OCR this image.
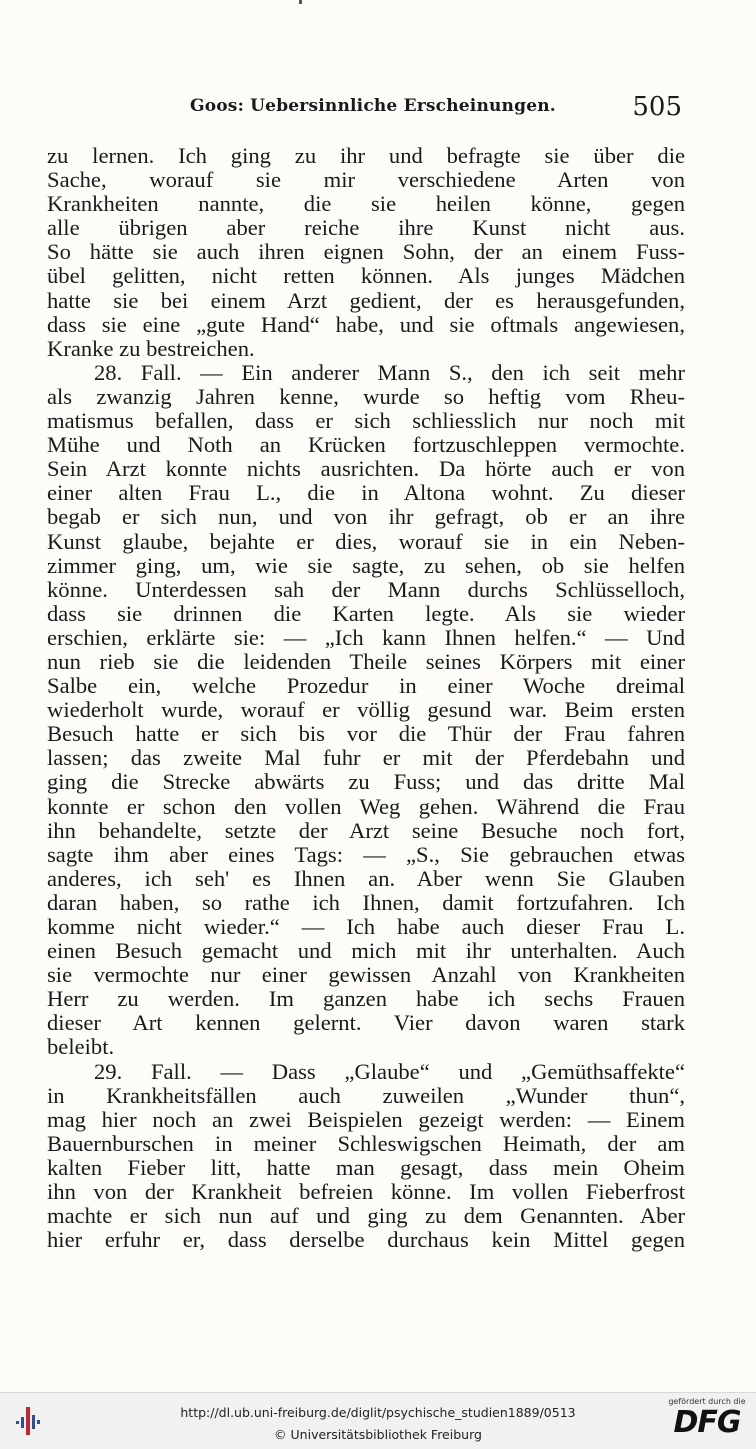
Goos: Uebersinnliche Erscheinungen.	505
zu lernen. Ich ging zu ihr und befragte sie über die
Sache, worauf sie mir verschiedene Arten von
Krankheiten nannte, die sie heilen könne, gegen
alle übrigen aber reiche ihre Kunst nicht aus.
So hätte sie auch ihren eignen Sohn, der an einem Fuss-
übel gelitten, nicht retten können. Als junges Mädchen
hatte sie bei einem Arzt gedient, der es herausgefunden,
dass sie eine „gute Hand“ habe, und sie oftmals angewiesen,
Kranke zu bestreichen.
28. Fall. — Ein anderer Mann S., den ich seit mehr
als zwanzig Jahren kenne, wurde so heftig vom Rheu-
matismus befallen, dass er sich schliesslich nur noch mit
Mühe und Noth an Krücken fortzuschleppen vermochte.
Sein Arzt konnte nichts ausrichten. Da hörte auch er von
einer alten Frau L., die in Altona wohnt. Zu dieser
begab er sich nun, und von ihr gefragt, ob er an ihre
Kunst glaube, bejahte er dies, worauf sie in ein Neben-
zimmer ging, um, wie sie sagte, zu sehen, ob sie helfen
könne. Unterdessen sah der Mann durchs Schlüsselloch,
dass sie drinnen die Karten legte. Als sie wieder
erschien, erklärte sie: — „Ich kann Ihnen helfen.“ — Und
nun rieb sie die leidenden Theile seines Körpers mit einer
Salbe ein, welche Prozedur in einer Woche dreimal
wiederholt wurde, worauf er völlig gesund war. Beim ersten
Besuch hatte er sich bis vor die Thür der Frau fahren
lassen; das zweite Mal fuhr er mit der Pferdebahn und
ging die Strecke abwärts zu Fuss; und das dritte Mal
konnte er schon den vollen Weg gehen. Während die Frau
ihn behandelte, setzte der Arzt seine Besuche noch fort,
sagte ihm aber eines Tags: — „S., Sie gebrauchen etwas
anderes, ich seh' es Ihnen an. Aber wenn Sie Glauben
daran haben, so rathe ich Ihnen, damit fortzufahren. Ich
komme nicht wieder.“ — Ich habe auch dieser Frau L.
einen Besuch gemacht und mich mit ihr unterhalten. Auch
sie vermochte nur einer gewissen Anzahl von Krankheiten
Herr zu werden. Im ganzen habe ich sechs Frauen
dieser Art kennen gelernt. Vier davon waren stark
beleibt.
29. Fall. — Dass „Glaube“ und „Gemüthsaffekte“
in Krankheitsfällen auch zuweilen „Wunder thun“,
mag hier noch an zwei Beispielen gezeigt werden: — Einem
Bauernburschen in meiner Schleswigschen Heimath, der am
kalten Fieber litt, hatte man gesagt, dass mein Oheim
ihn von der Krankheit befreien könne. Im vollen Fieberfrost
machte er sich nun auf und ging zu dem Genannten. Aber
hier erfuhr er, dass derselbe durchaus kein Mittel gegen
http://dl.ub.uni-freiburg.de/diglit/psychische_studien1889/0513
© Universitätsbibliothek Freiburg
gefördert durch die
DFG
